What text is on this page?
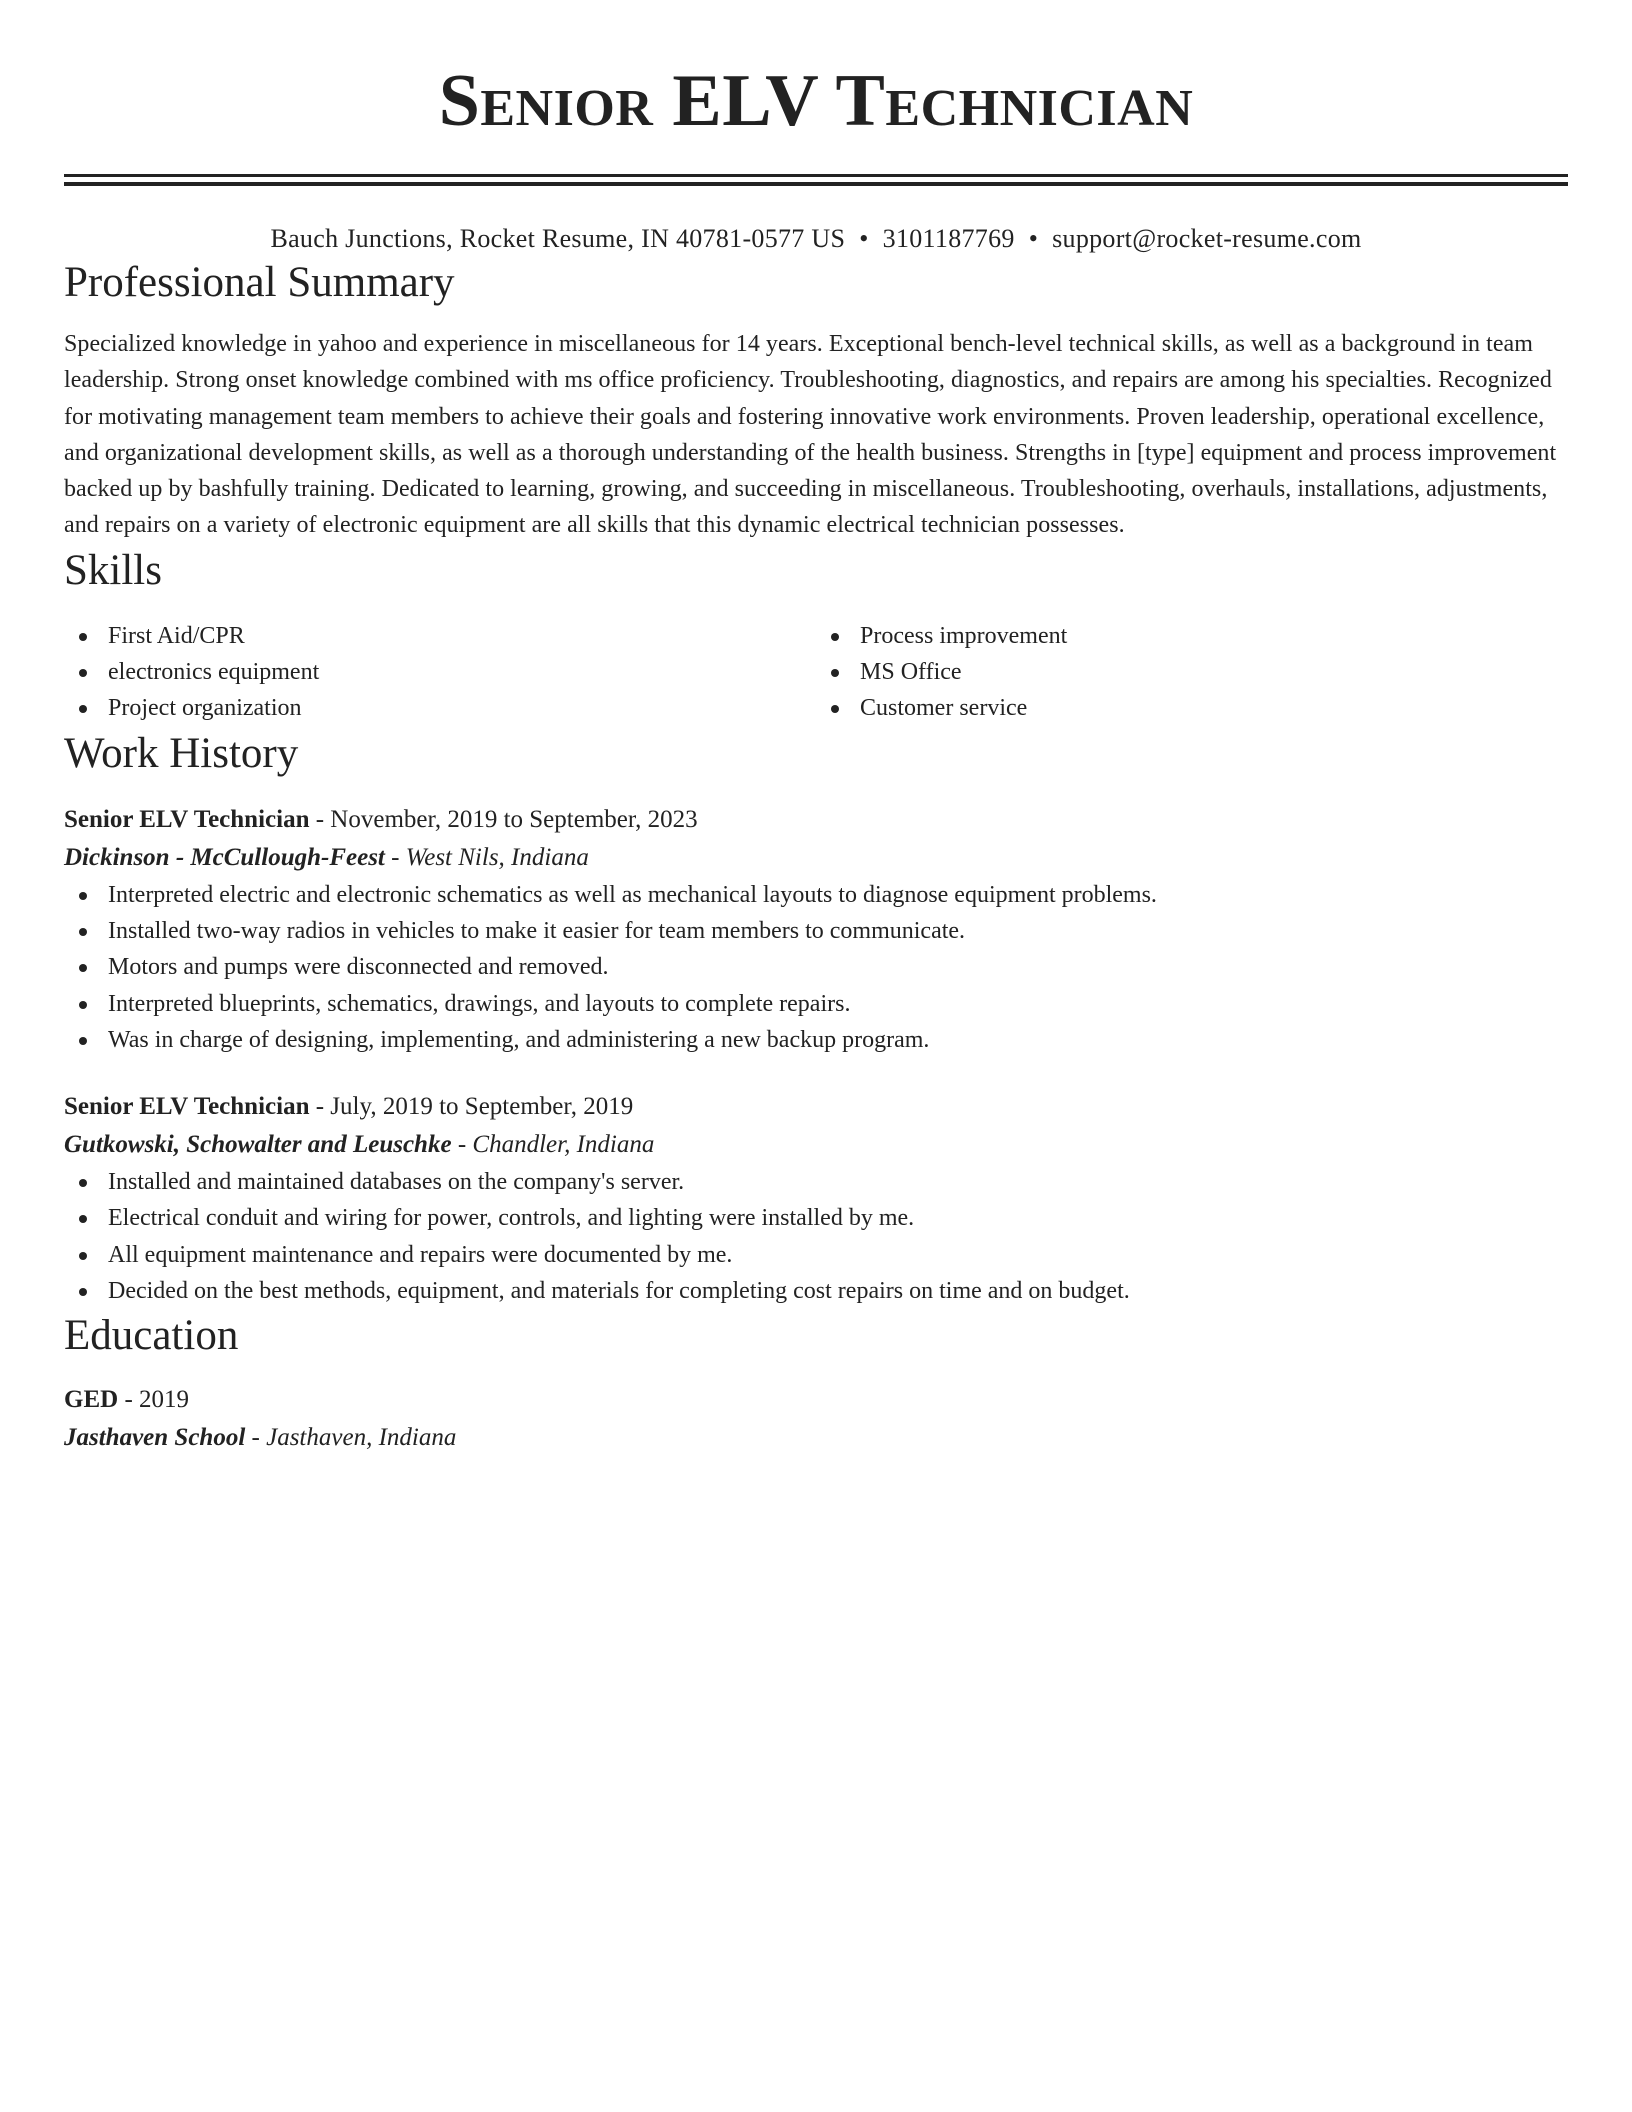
Senior ELV Technician
Bauch Junctions, Rocket Resume, IN 40781-0577 US • 3101187769 • support@rocket-resume.com
Professional Summary

Specialized knowledge in yahoo and experience in miscellaneous for 14 years. Exceptional bench-level technical skills, as well as a background in team leadership. Strong onset knowledge combined with ms office proficiency. Troubleshooting, diagnostics, and repairs are among his specialties. Recognized for motivating management team members to achieve their goals and fostering innovative work environments. Proven leadership, operational excellence, and organizational development skills, as well as a thorough understanding of the health business. Strengths in [type] equipment and process improvement backed up by bashfully training. Dedicated to learning, growing, and succeeding in miscellaneous. Troubleshooting, overhauls, installations, adjustments, and repairs on a variety of electronic equipment are all skills that this dynamic electrical technician possesses.

Skills
First Aid/CPR
electronics equipment
Project organization
Process improvement
MS Office
Customer service
Work History
Senior ELV Technician - November, 2019 to September, 2023
Dickinson - McCullough-Feest - West Nils, Indiana
Interpreted electric and electronic schematics as well as mechanical layouts to diagnose equipment problems.
Installed two-way radios in vehicles to make it easier for team members to communicate.
Motors and pumps were disconnected and removed.
Interpreted blueprints, schematics, drawings, and layouts to complete repairs.
Was in charge of designing, implementing, and administering a new backup program.
Senior ELV Technician - July, 2019 to September, 2019
Gutkowski, Schowalter and Leuschke - Chandler, Indiana
Installed and maintained databases on the company's server.
Electrical conduit and wiring for power, controls, and lighting were installed by me.
All equipment maintenance and repairs were documented by me.
Decided on the best methods, equipment, and materials for completing cost repairs on time and on budget.
Education
GED - 2019
Jasthaven School - Jasthaven, Indiana
